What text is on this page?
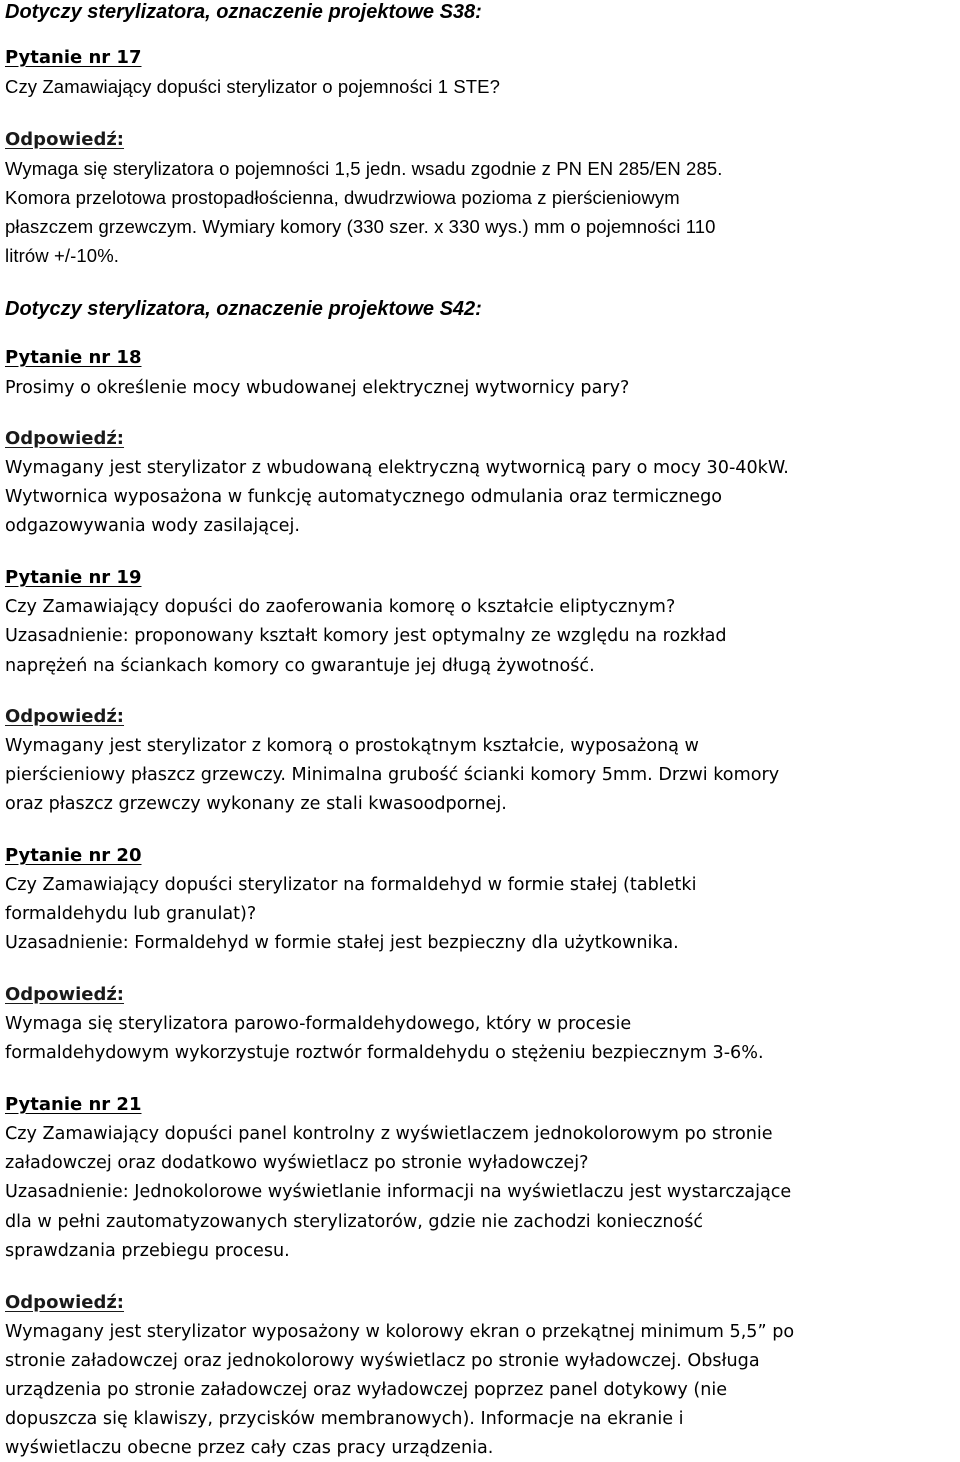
Dotyczy sterylizatora, oznaczenie projektowe S38:
Pytanie nr 17
Czy Zamawiający dopuści sterylizator o pojemności 1 STE?
Odpowiedź:
Wymaga się sterylizatora o pojemności 1,5 jedn. wsadu zgodnie z PN EN 285/EN 285.
Komora przelotowa prostopadłościenna, dwudrzwiowa pozioma z pierścieniowym
płaszczem grzewczym. Wymiary komory (330 szer. x 330 wys.) mm o pojemności 110
litrów +/-10%.
Dotyczy sterylizatora, oznaczenie projektowe S42:
Pytanie nr 18
Prosimy o określenie mocy wbudowanej elektrycznej wytwornicy pary?
Odpowiedź:
Wymagany jest sterylizator z wbudowaną elektryczną wytwornicą pary o mocy 30-40kW.
Wytwornica wyposażona w funkcję automatycznego odmulania oraz termicznego
odgazowywania wody zasilającej.
Pytanie nr 19
Czy Zamawiający dopuści do zaoferowania komorę o kształcie eliptycznym?
Uzasadnienie: proponowany kształt komory jest optymalny ze względu na rozkład
naprężeń na ściankach komory co gwarantuje jej długą żywotność.
Odpowiedź:
Wymagany jest sterylizator z komorą o prostokątnym kształcie, wyposażoną w
pierścieniowy płaszcz grzewczy. Minimalna grubość ścianki komory 5mm. Drzwi komory
oraz płaszcz grzewczy wykonany ze stali kwasoodpornej.
Pytanie nr 20
Czy Zamawiający dopuści sterylizator na formaldehyd w formie stałej (tabletki
formaldehydu lub granulat)?
Uzasadnienie: Formaldehyd w formie stałej jest bezpieczny dla użytkownika.
Odpowiedź:
Wymaga się sterylizatora parowo-formaldehydowego, który w procesie
formaldehydowym wykorzystuje roztwór formaldehydu o stężeniu bezpiecznym 3-6%.
Pytanie nr 21
Czy Zamawiający dopuści panel kontrolny z wyświetlaczem jednokolorowym po stronie
załadowczej oraz dodatkowo wyświetlacz po stronie wyładowczej?
Uzasadnienie: Jednokolorowe wyświetlanie informacji na wyświetlaczu jest wystarczające
dla w pełni zautomatyzowanych sterylizatorów, gdzie nie zachodzi konieczność
sprawdzania przebiegu procesu.
Odpowiedź:
Wymagany jest sterylizator wyposażony w kolorowy ekran o przekątnej minimum 5,5” po
stronie załadowczej oraz jednokolorowy wyświetlacz po stronie wyładowczej. Obsługa
urządzenia po stronie załadowczej oraz wyładowczej poprzez panel dotykowy (nie
dopuszcza się klawiszy, przycisków membranowych). Informacje na ekranie i
wyświetlaczu obecne przez cały czas pracy urządzenia.
